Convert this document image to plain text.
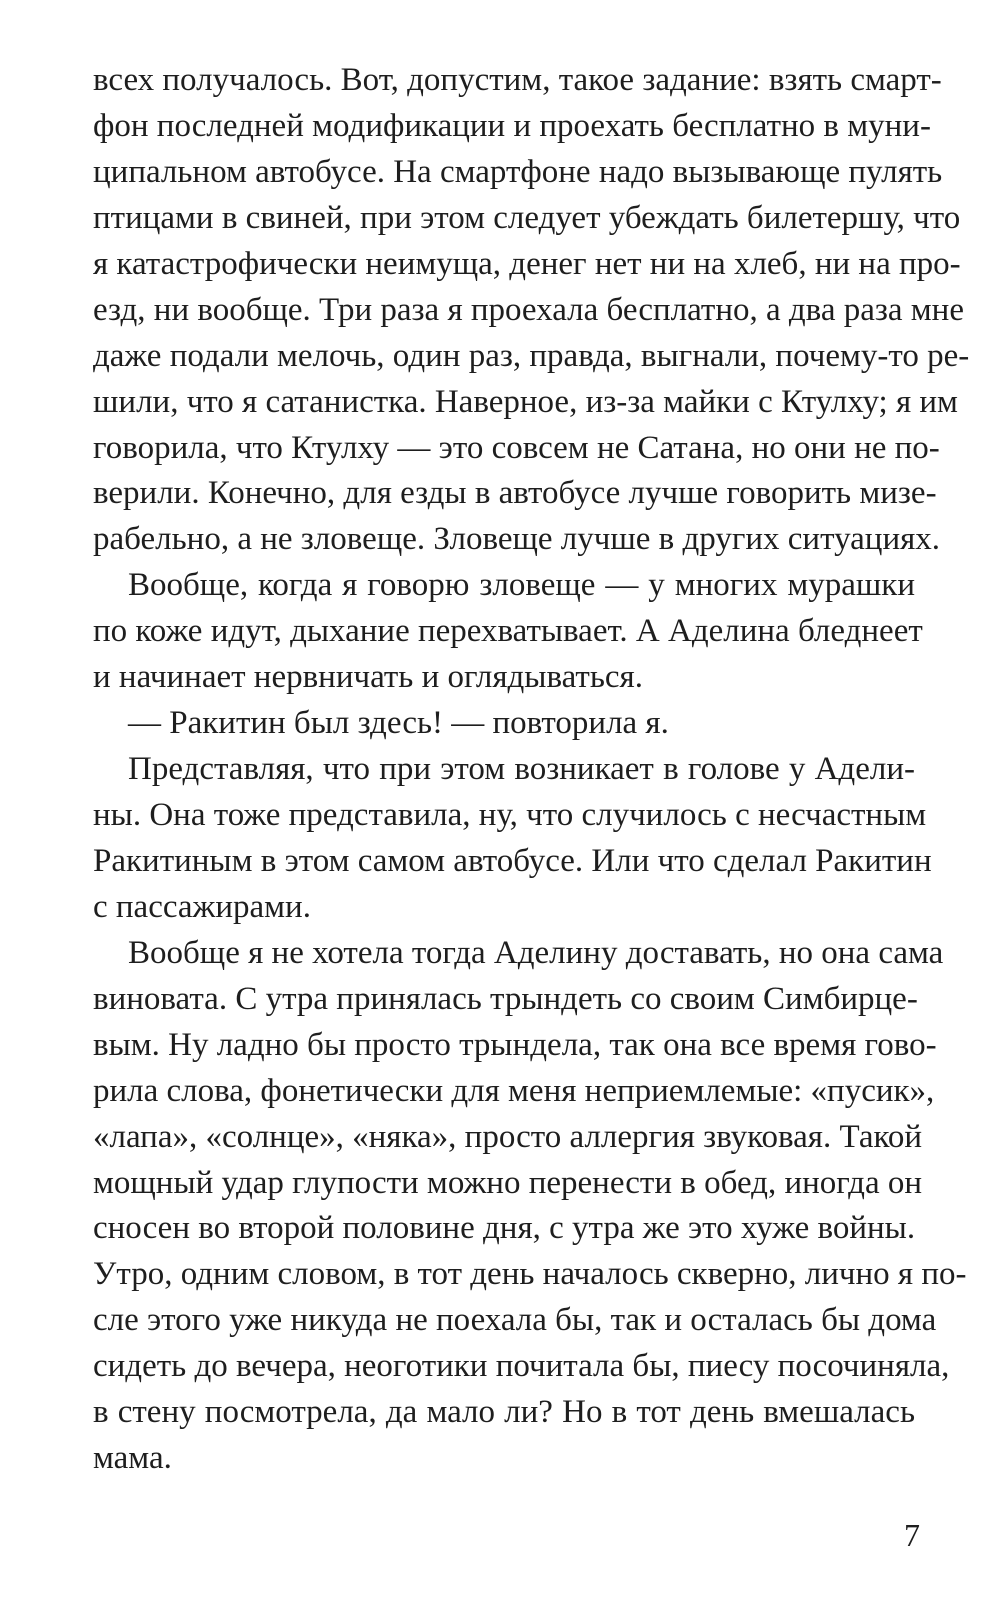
всех получалось. Вот, допустим, такое задание: взять смарт-
фон последней модификации и проехать бесплатно в муни-
ципальном автобусе. На смартфоне надо вызывающе пулять
птицами в свиней, при этом следует убеждать билетершу, что
я катастрофически неимуща, денег нет ни на хлеб, ни на про-
езд, ни вообще. Три раза я проехала бесплатно, а два раза мне
даже подали мелочь, один раз, правда, выгнали, почему-то ре-
шили, что я сатанистка. Наверное, из-за майки с Ктулху; я им
говорила, что Ктулху — это совсем не Сатана, но они не по-
верили. Конечно, для езды в автобусе лучше говорить мизе-
рабельно, а не зловеще. Зловеще лучше в других ситуациях.
Вообще, когда я говорю зловеще — у многих мурашки
по коже идут, дыхание перехватывает. А Аделина бледнеет
и начинает нервничать и оглядываться.
— Ракитин был здесь! — повторила я.
Представляя, что при этом возникает в голове у Адели-
ны. Она тоже представила, ну, что случилось с несчастным
Ракитиным в этом самом автобусе. Или что сделал Ракитин
с пассажирами.
Вообще я не хотела тогда Аделину доставать, но она сама
виновата. С утра принялась трындеть со своим Симбирце-
вым. Ну ладно бы просто трындела, так она все время гово-
рила слова, фонетически для меня неприемлемые: «пусик»,
«лапа», «солнце», «няка», просто аллергия звуковая. Такой
мощный удар глупости можно перенести в обед, иногда он
сносен во второй половине дня, с утра же это хуже войны.
Утро, одним словом, в тот день началось скверно, лично я по-
сле этого уже никуда не поехала бы, так и осталась бы дома
сидеть до вечера, неоготики почитала бы, пиесу посочиняла,
в стену посмотрела, да мало ли? Но в тот день вмешалась
мама.
7
